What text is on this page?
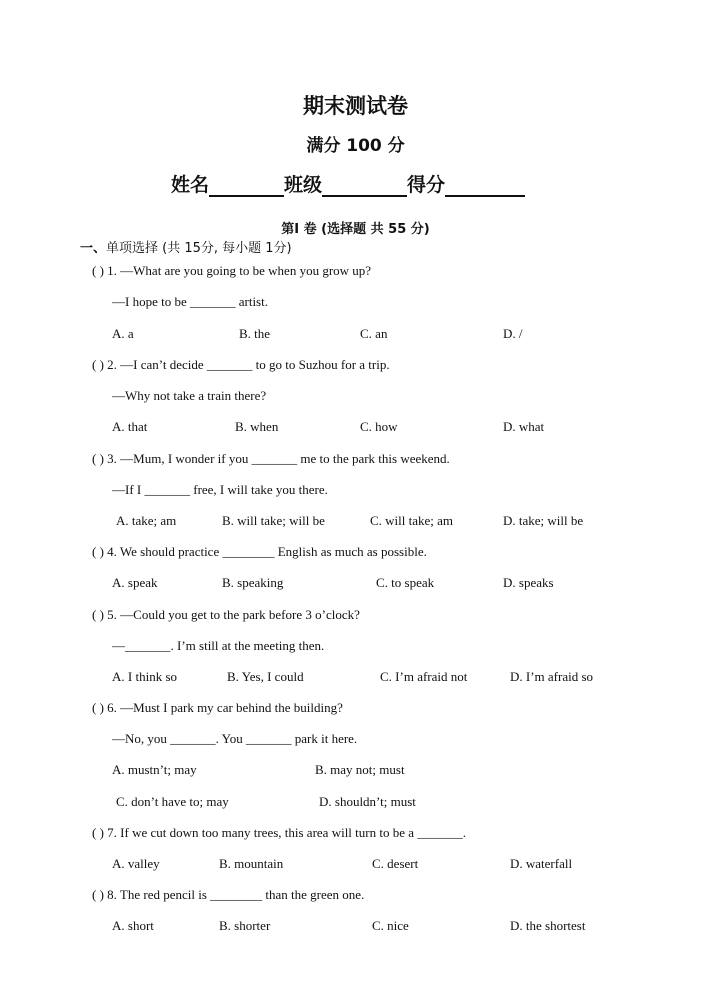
期末测试卷
满分 100 分
姓名	班级	得分
第I 卷 (选择题 共 55 分)
一、单项选择 (共 15分, 每小题 1分)
( ) 1. —What are you going to be when you grow up?
—I hope to be _______ artist.
A. a	B. the	C. an	D. /
( ) 2. —I can’t decide _______ to go to Suzhou for a trip.
—Why not take a train there?
A. that	B. when	C. how	D. what
( ) 3. —Mum, I wonder if you _______ me to the park this weekend.
—If I _______ free, I will take you there.
A. take; am	B. will take; will be	C. will take; am	D. take; will be
( ) 4. We should practice ________ English as much as possible.
A. speak	B. speaking	C. to speak	D. speaks
( ) 5. —Could you get to the park before 3 o’clock?
—_______. I’m still at the meeting then.
A. I think so	B. Yes, I could	C. I’m afraid not	D. I’m afraid so
( ) 6. —Must I park my car behind the building?
—No, you _______. You _______ park it here.
A. mustn’t; may	B. may not; must
C. don’t have to; may	D. shouldn’t; must
( ) 7. If we cut down too many trees, this area will turn to be a _______.
A. valley	B. mountain	C. desert	D. waterfall
( ) 8. The red pencil is ________ than the green one.
A. short	B. shorter	C. nice	D. the shortest
